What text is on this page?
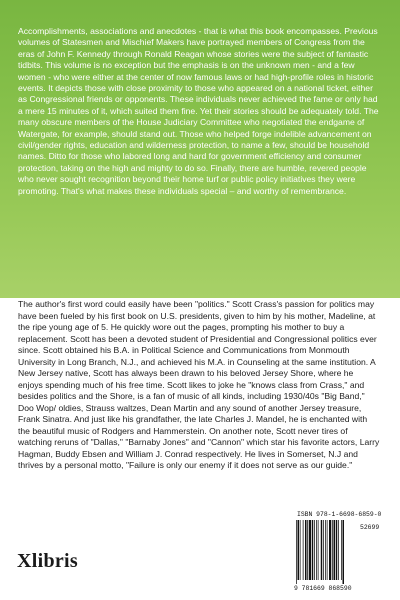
Accomplishments, associations and anecdotes - that is what this book encompasses. Previous volumes of Statesmen and Mischief Makers have portrayed members of Congress from the eras of John F. Kennedy through Ronald Reagan whose stories were the subject of fantastic tidbits. This volume is no exception but the emphasis is on the unknown men - and a few women - who were either at the center of now famous laws or had high-profile roles in historic events. It depicts those with close proximity to those who appeared on a national ticket, either as Congressional friends or opponents. These individuals never achieved the fame or only had a mere 15 minutes of it, which suited them fine. Yet their stories should be adequately told. The many obscure members of the House Judiciary Committee who negotiated the endgame of Watergate, for example, should stand out. Those who helped forge indelible advancement on civil/gender rights, education and wilderness protection, to name a few, should be household names. Ditto for those who labored long and hard for government efficiency and consumer protection, taking on the high and mighty to do so. Finally, there are humble, revered people who never sought recognition beyond their home turf or public policy initiatives they were promoting. That's what makes these individuals special – and worthy of remembrance.

The author's first word could easily have been "politics." Scott Crass's passion for politics may have been fueled by his first book on U.S. presidents, given to him by his mother, Madeline, at the ripe young age of 5. He quickly wore out the pages, prompting his mother to buy a replacement. Scott has been a devoted student of Presidential and Congressional politics ever since. Scott obtained his B.A. in Political Science and Communications from Monmouth University in Long Branch, N.J., and achieved his M.A. in Counseling at the same institution. A New Jersey native, Scott has always been drawn to his beloved Jersey Shore, where he enjoys spending much of his free time. Scott likes to joke he "knows class from Crass," and besides politics and the Shore, is a fan of music of all kinds, including 1930/40s "Big Band," Doo Wop/ oldies, Strauss waltzes, Dean Martin and any sound of another Jersey treasure, Frank Sinatra. And just like his grandfather, the late Charles J. Mandel, he is enchanted with the beautiful music of Rodgers and Hammerstein. On another note, Scott never tires of watching reruns of "Dallas," "Barnaby Jones" and "Cannon" which star his favorite actors, Larry Hagman, Buddy Ebsen and William J. Conrad respectively. He lives in Somerset, N.J and thrives by a personal motto, "Failure is only our enemy if it does not serve as our guide."

Xlibris
ISBN 978-1-6698-6859-0
52699
9 781669 868590
